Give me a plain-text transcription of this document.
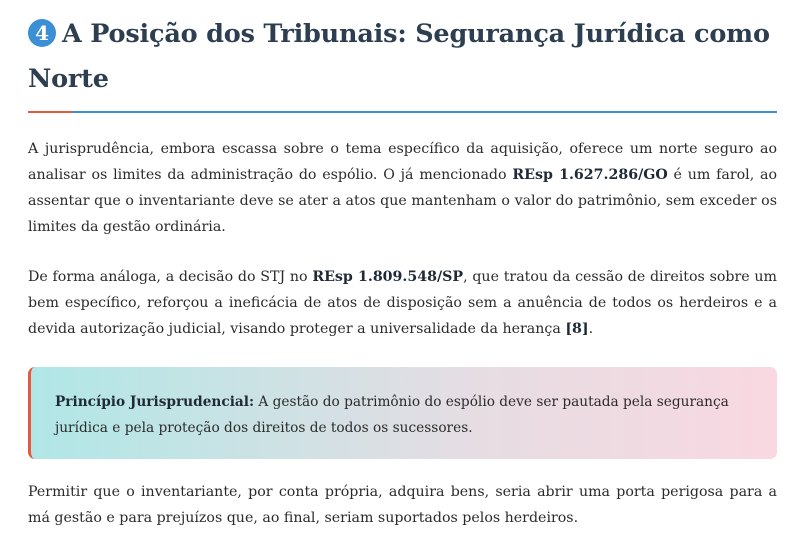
4 A Posição dos Tribunais: Segurança Jurídica como Norte

A jurisprudência, embora escassa sobre o tema específico da aquisição, oferece um norte seguro ao analisar os limites da administração do espólio. O já mencionado REsp 1.627.286/GO é um farol, ao assentar que o inventariante deve se ater a atos que mantenham o valor do patrimônio, sem exceder os limites da gestão ordinária.

De forma análoga, a decisão do STJ no REsp 1.809.548/SP, que tratou da cessão de direitos sobre um bem específico, reforçou a ineficácia de atos de disposição sem a anuência de todos os herdeiros e a devida autorização judicial, visando proteger a universalidade da herança [8].

Princípio Jurisprudencial: A gestão do patrimônio do espólio deve ser pautada pela segurança jurídica e pela proteção dos direitos de todos os sucessores.

Permitir que o inventariante, por conta própria, adquira bens, seria abrir uma porta perigosa para a má gestão e para prejuízos que, ao final, seriam suportados pelos herdeiros.
